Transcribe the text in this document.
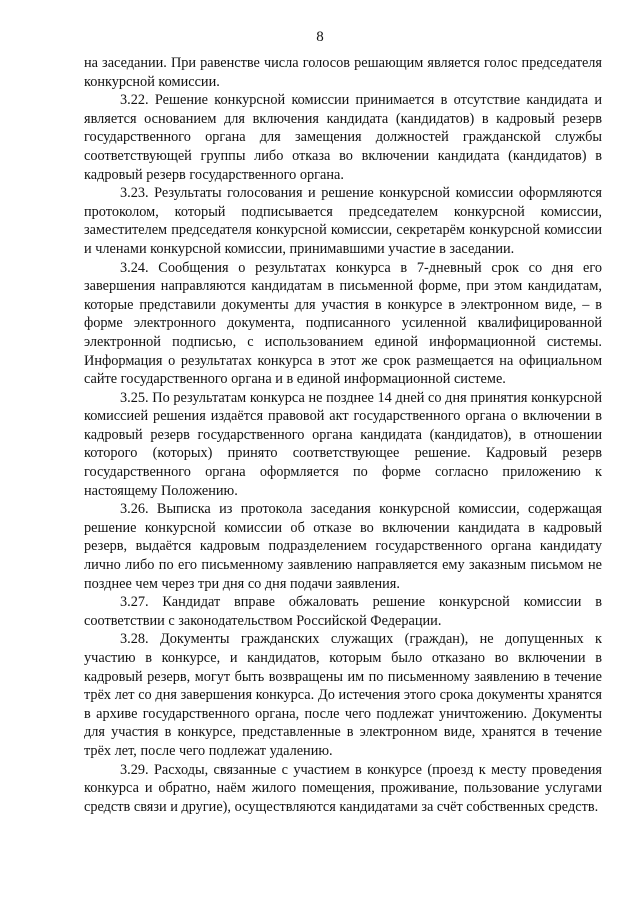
8

на заседании. При равенстве числа голосов решающим является голос председателя конкурсной комиссии.

3.22. Решение конкурсной комиссии принимается в отсутствие кандидата и является основанием для включения кандидата (кандидатов) в кадровый резерв государственного органа для замещения должностей гражданской службы соответствующей группы либо отказа во включении кандидата (кандидатов) в кадровый резерв государственного органа.

3.23. Результаты голосования и решение конкурсной комиссии оформляются протоколом, который подписывается председателем конкурсной комиссии, заместителем председателя конкурсной комиссии, секретарём конкурсной комиссии и членами конкурсной комиссии, принимавшими участие в заседании.

3.24. Сообщения о результатах конкурса в 7-дневный срок со дня его завершения направляются кандидатам в письменной форме, при этом кандидатам, которые представили документы для участия в конкурсе в электронном виде, – в форме электронного документа, подписанного усиленной квалифицированной электронной подписью, с использованием единой информационной системы. Информация о результатах конкурса в этот же срок размещается на официальном сайте государственного органа и в единой информационной системе.

3.25. По результатам конкурса не позднее 14 дней со дня принятия конкурсной комиссией решения издаётся правовой акт государственного органа о включении в кадровый резерв государственного органа кандидата (кандидатов), в отношении которого (которых) принято соответствующее решение. Кадровый резерв государственного органа оформляется по форме согласно приложению к настоящему Положению.

3.26. Выписка из протокола заседания конкурсной комиссии, содержащая решение конкурсной комиссии об отказе во включении кандидата в кадровый резерв, выдаётся кадровым подразделением государственного органа кандидату лично либо по его письменному заявлению направляется ему заказным письмом не позднее чем через три дня со дня подачи заявления.

3.27. Кандидат вправе обжаловать решение конкурсной комиссии в соответствии с законодательством Российской Федерации.

3.28. Документы гражданских служащих (граждан), не допущенных к участию в конкурсе, и кандидатов, которым было отказано во включении в кадровый резерв, могут быть возвращены им по письменному заявлению в течение трёх лет со дня завершения конкурса. До истечения этого срока документы хранятся в архиве государственного органа, после чего подлежат уничтожению. Документы для участия в конкурсе, представленные в электронном виде, хранятся в течение трёх лет, после чего подлежат удалению.

3.29. Расходы, связанные с участием в конкурсе (проезд к месту проведения конкурса и обратно, наём жилого помещения, проживание, пользование услугами средств связи и другие), осуществляются кандидатами за счёт собственных средств.
